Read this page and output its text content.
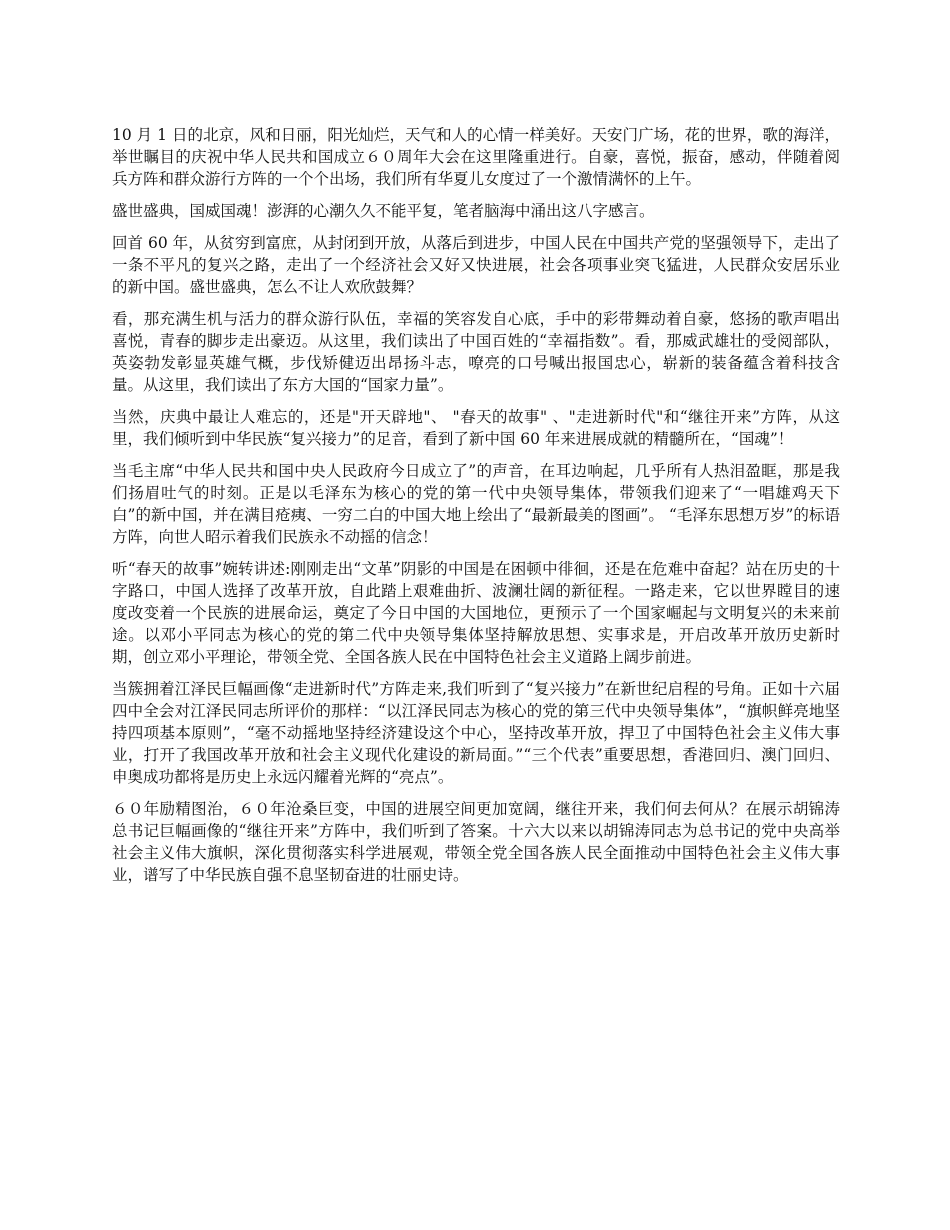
10 月 1 日的北京，风和日丽，阳光灿烂，天气和人的心情一样美好。天安门广场，花的世界，歌的海洋，举世瞩目的庆祝中华人民共和国成立６０周年大会在这里隆重进行。自豪，喜悦，振奋，感动，伴随着阅兵方阵和群众游行方阵的一个个出场，我们所有华夏儿女度过了一个激情满怀的上午。

盛世盛典，国威国魂！澎湃的心潮久久不能平复，笔者脑海中涌出这八字感言。

回首 60 年，从贫穷到富庶，从封闭到开放，从落后到进步，中国人民在中国共产党的坚强领导下，走出了一条不平凡的复兴之路，走出了一个经济社会又好又快进展，社会各项事业突飞猛进，人民群众安居乐业的新中国。盛世盛典，怎么不让人欢欣鼓舞？

看，那充满生机与活力的群众游行队伍，幸福的笑容发自心底，手中的彩带舞动着自豪，悠扬的歌声唱出喜悦，青春的脚步走出豪迈。从这里，我们读出了中国百姓的“幸福指数”。看，那威武雄壮的受阅部队，英姿勃发彰显英雄气概，步伐矫健迈出昂扬斗志，嘹亮的口号喊出报国忠心，崭新的装备蕴含着科技含量。从这里，我们读出了东方大国的“国家力量”。

当然，庆典中最让人难忘的，还是"开天辟地"、 "春天的故事" 、"走进新时代"和“继往开来”方阵，从这里，我们倾听到中华民族“复兴接力”的足音，看到了新中国 60 年来进展成就的精髓所在，“国魂”！

当毛主席“中华人民共和国中央人民政府今日成立了”的声音，在耳边响起，几乎所有人热泪盈眶，那是我们扬眉吐气的时刻。正是以毛泽东为核心的党的第一代中央领导集体，带领我们迎来了“一唱雄鸡天下白”的新中国，并在满目疮痍、一穷二白的中国大地上绘出了“最新最美的图画”。 “毛泽东思想万岁”的标语方阵，向世人昭示着我们民族永不动摇的信念！

听“春天的故事”婉转讲述:刚刚走出“文革”阴影的中国是在困顿中徘徊，还是在危难中奋起？站在历史的十字路口，中国人选择了改革开放，自此踏上艰难曲折、波澜壮阔的新征程。一路走来，它以世界瞠目的速度改变着一个民族的进展命运，奠定了今日中国的大国地位，更预示了一个国家崛起与文明复兴的未来前途。以邓小平同志为核心的党的第二代中央领导集体坚持解放思想、实事求是，开启改革开放历史新时期，创立邓小平理论，带领全党、全国各族人民在中国特色社会主义道路上阔步前进。

当簇拥着江泽民巨幅画像“走进新时代”方阵走来,我们听到了“复兴接力”在新世纪启程的号角。正如十六届四中全会对江泽民同志所评价的那样：“以江泽民同志为核心的党的第三代中央领导集体”，“旗帜鲜亮地坚持四项基本原则”，“毫不动摇地坚持经济建设这个中心，坚持改革开放，捍卫了中国特色社会主义伟大事业，打开了我国改革开放和社会主义现代化建设的新局面。”“三个代表”重要思想，香港回归、澳门回归、申奥成功都将是历史上永远闪耀着光辉的“亮点”。

６０年励精图治，６０年沧桑巨变，中国的进展空间更加宽阔，继往开来，我们何去何从？在展示胡锦涛总书记巨幅画像的“继往开来”方阵中，我们听到了答案。十六大以来以胡锦涛同志为总书记的党中央高举社会主义伟大旗帜，深化贯彻落实科学进展观，带领全党全国各族人民全面推动中国特色社会主义伟大事业，谱写了中华民族自强不息坚韧奋进的壮丽史诗。
